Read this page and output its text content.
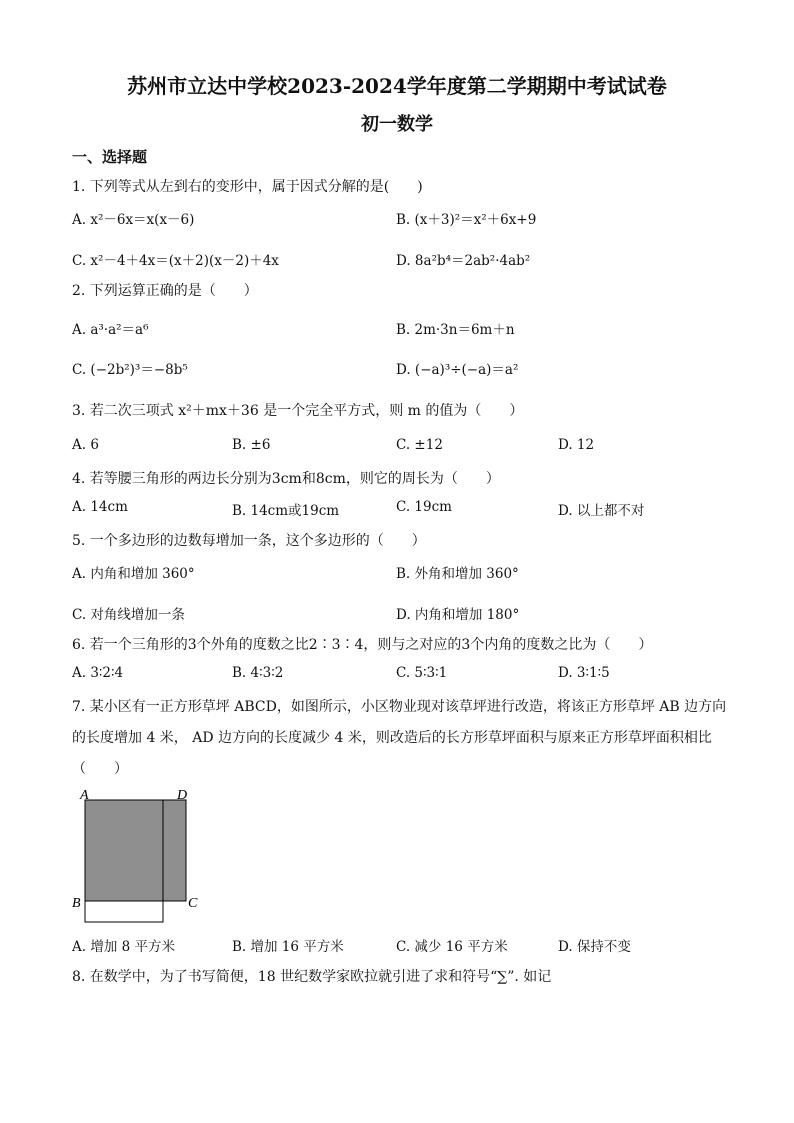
苏州市立达中学校2023-2024学年度第二学期期中考试试卷
初一数学
一、选择题
1. 下列等式从左到右的变形中，属于因式分解的是(　　)
A. x²－6x＝x(x－6)	B. (x＋3)²＝x²＋6x+9
C. x²－4＋4x＝(x＋2)(x－2)＋4x	D. 8a²b⁴＝2ab²·4ab²
2. 下列运算正确的是（　　）
A. a³·a²＝a⁶	B. 2m·3n＝6m＋n
C. (−2b²)³＝−8b⁵	D. (−a)³÷(−a)＝a²
3. 若二次三项式 x²＋mx＋36 是一个完全平方式，则 m 的值为（　　）
A. 6	B. ±6	C. ±12	D. 12
4. 若等腰三角形的两边长分别为3cm和8cm，则它的周长为（　　）
A. 14cm	B. 14cm或19cm	C. 19cm	D. 以上都不对
5. 一个多边形的边数每增加一条，这个多边形的（　　）
A. 内角和增加 360°	B. 外角和增加 360°
C. 对角线增加一条	D. 内角和增加 180°
6. 若一个三角形的3个外角的度数之比2∶3∶4，则与之对应的3个内角的度数之比为（　　）
A. 3∶2∶4	B. 4∶3∶2	C. 5∶3∶1	D. 3∶1∶5
7. 某小区有一正方形草坪 ABCD，如图所示，小区物业现对该草坪进行改造，将该正方形草坪 AB 边方向
的长度增加 4 米， AD 边方向的长度减少 4 米，则改造后的长方形草坪面积与原来正方形草坪面积相比
（　　）
A	D
B	C
A. 增加 8 平方米	B. 增加 16 平方米	C. 减少 16 平方米	D. 保持不变
8. 在数学中，为了书写简便，18 世纪数学家欧拉就引进了求和符号“∑”. 如记
